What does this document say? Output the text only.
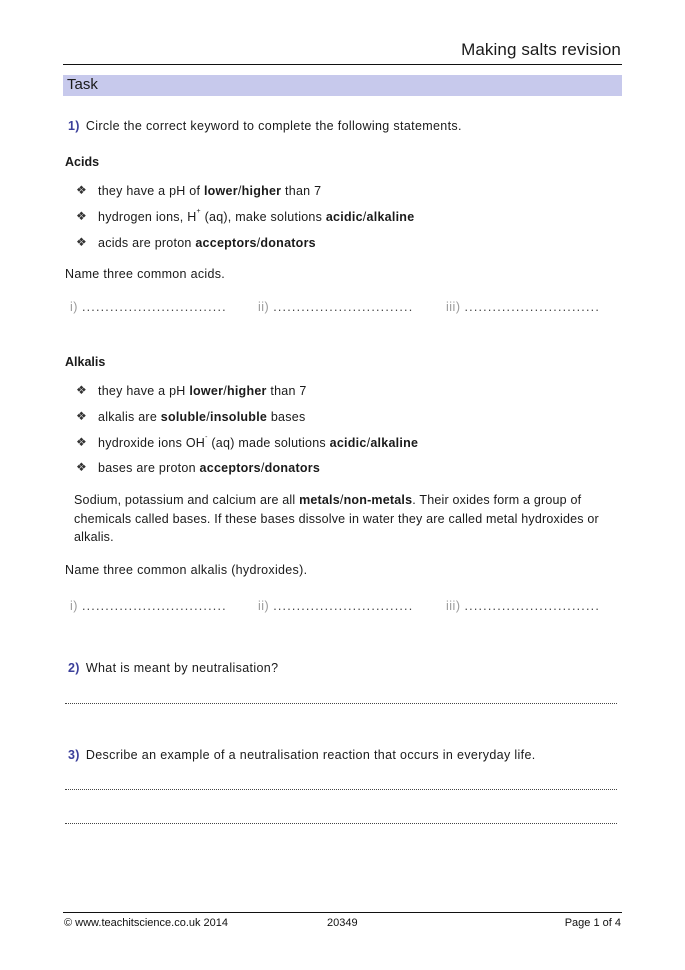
Making salts revision
Task
1) Circle the correct keyword to complete the following statements.
Acids
❖ they have a pH of lower/higher than 7
❖ hydrogen ions, H+ (aq), make solutions acidic/alkaline
❖ acids are proton acceptors/donators
Name three common acids.
i) ............................... ii) ..............................	iii) .............................
Alkalis
❖ they have a pH lower/higher than 7
❖ alkalis are soluble/insoluble bases
❖ hydroxide ions OH- (aq) made solutions acidic/alkaline
❖ bases are proton acceptors/donators
Sodium, potassium and calcium are all metals/non-metals. Their oxides form a group of chemicals called bases. If these bases dissolve in water they are called metal hydroxides or alkalis.
Name three common alkalis (hydroxides).
i) ............................... ii) ..............................	iii) .............................
2) What is meant by neutralisation?
3) Describe an example of a neutralisation reaction that occurs in everyday life.
© www.teachitscience.co.uk 2014	20349	Page 1 of 4
